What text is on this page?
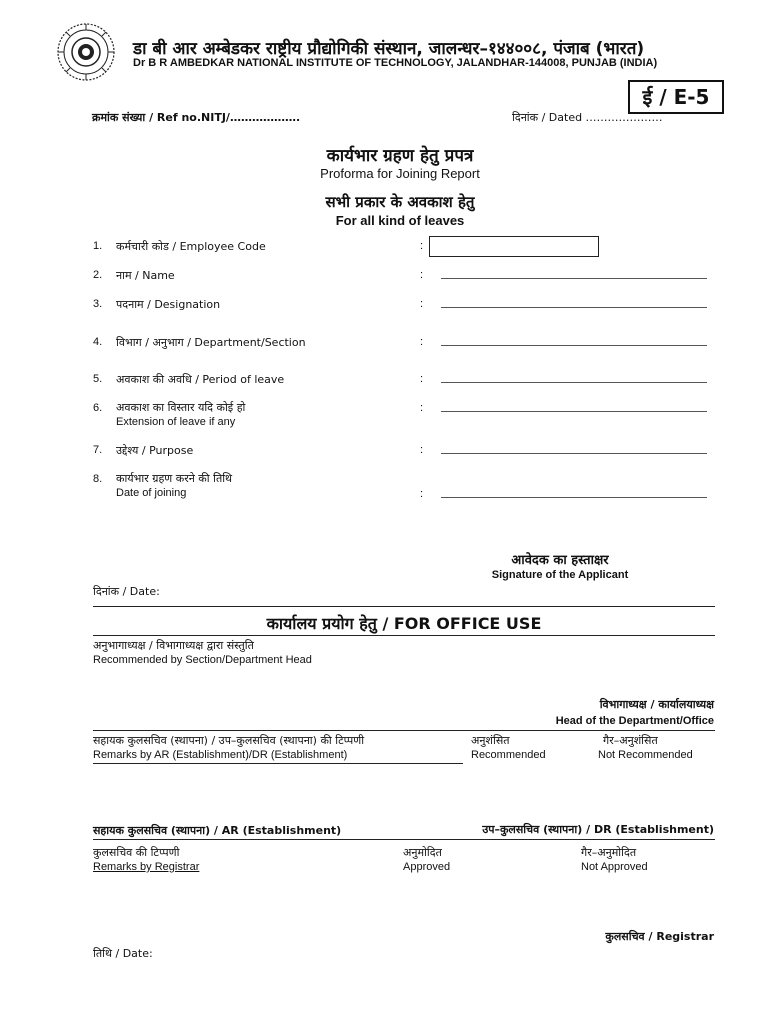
डा बी आर अम्बेडकर राष्ट्रीय प्रौद्योगिकी संस्थान, जालन्धर–१४४००८, पंजाब (भारत)
Dr B R AMBEDKAR NATIONAL INSTITUTE OF TECHNOLOGY, JALANDHAR-144008, PUNJAB (INDIA)
ई / E-5
क्रमांक संख्या / Ref no.NITJ/……………….	दिनांक / Dated …………………
कार्यभार ग्रहण हेतु प्रपत्र
Proforma for Joining Report
सभी प्रकार के अवकाश हेतु
For all kind of leaves
1. कर्मचारी कोड / Employee Code	:
2. नाम / Name	:
3. पदनाम / Designation	:
4. विभाग / अनुभाग / Department/Section	:
5. अवकाश की अवधि / Period of leave	:
6. अवकाश का विस्तार यदि कोई हो
Extension of leave if any
:
7. उद्देश्य / Purpose	:
8. कार्यभार ग्रहण करने की तिथि
Date of joining	:
आवेदक का हस्ताक्षर
Signature of the Applicant
दिनांक / Date:
कार्यालय प्रयोग हेतु / FOR OFFICE USE
अनुभागाध्यक्ष / विभागाध्यक्ष द्वारा संस्तुति
Recommended by Section/Department Head
विभागाध्यक्ष / कार्यालयाध्यक्ष
Head of the Department/Office
सहायक कुलसचिव (स्थापना) / उप–कुलसचिव (स्थापना) की टिप्पणी
Remarks by AR (Establishment)/DR (Establishment)
अनुशंसित
Recommended
गैर–अनुशंसित
Not Recommended
सहायक कुलसचिव (स्थापना) / AR (Establishment)	उप–कुलसचिव (स्थापना) / DR (Establishment)
कुलसचिव की टिप्पणी
Remarks by Registrar
अनुमोदित
Approved
गैर–अनुमोदित
Not Approved
कुलसचिव / Registrar
तिथि / Date:
